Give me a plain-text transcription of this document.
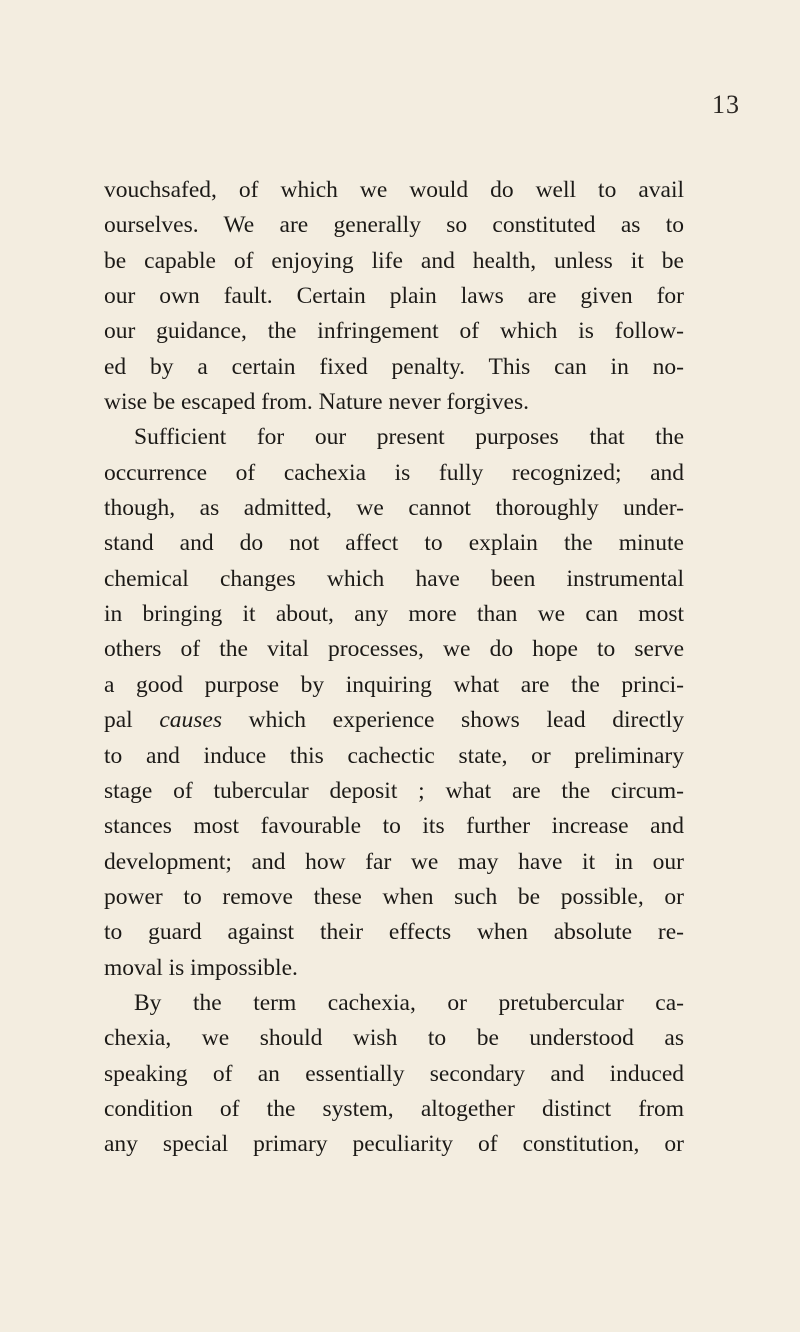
13
vouchsafed, of which we would do well to avail
ourselves. We are generally so constituted as to
be capable of enjoying life and health, unless it be
our own fault. Certain plain laws are given for
our guidance, the infringement of which is follow-
ed by a certain fixed penalty. This can in no-
wise be escaped from. Nature never forgives.
Sufficient for our present purposes that the
occurrence of cachexia is fully recognized; and
though, as admitted, we cannot thoroughly under-
stand and do not affect to explain the minute
chemical changes which have been instrumental
in bringing it about, any more than we can most
others of the vital processes, we do hope to serve
a good purpose by inquiring what are the princi-
pal causes which experience shows lead directly
to and induce this cachectic state, or preliminary
stage of tubercular deposit ; what are the circum-
stances most favourable to its further increase and
development; and how far we may have it in our
power to remove these when such be possible, or
to guard against their effects when absolute re-
moval is impossible.
By the term cachexia, or pretubercular ca-
chexia, we should wish to be understood as
speaking of an essentially secondary and induced
condition of the system, altogether distinct from
any special primary peculiarity of constitution, or
